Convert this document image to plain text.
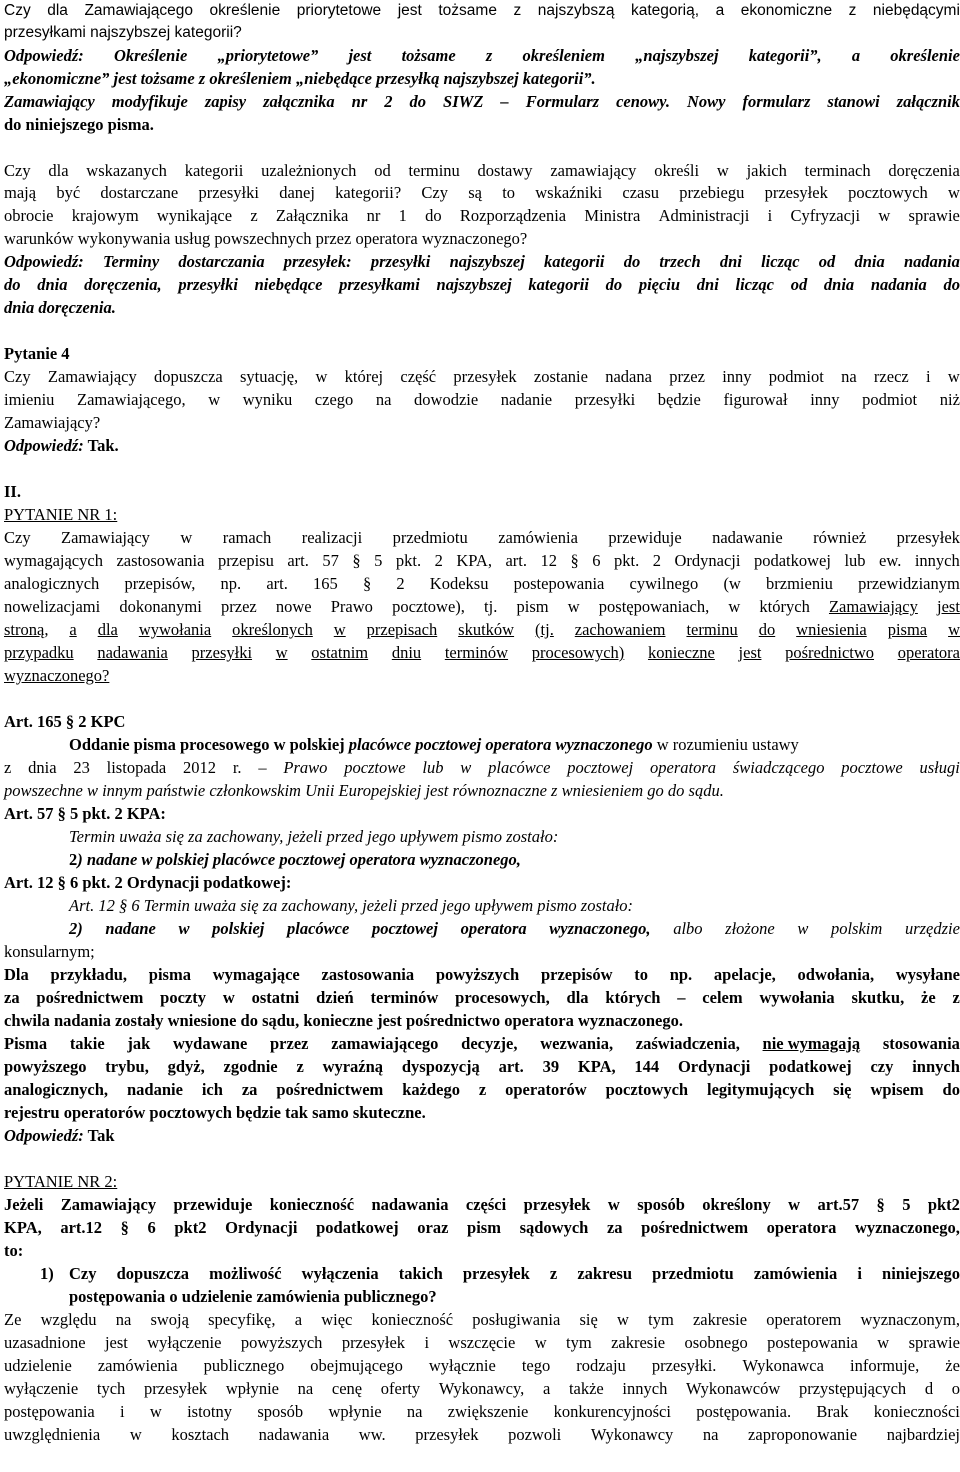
Czy dla Zamawiającego określenie priorytetowe jest tożsame z najszybszą kategorią, a ekonomiczne z niebędącymi
przesyłkami najszybszej kategorii?
Odpowiedź: Określenie „priorytetowe” jest tożsame z określeniem „najszybszej kategorii”, a określenie
„ekonomiczne” jest tożsame z określeniem „niebędące przesyłką najszybszej kategorii”.
Zamawiający modyfikuje zapisy załącznika nr 2 do SIWZ – Formularz cenowy. Nowy formularz stanowi załącznik
do niniejszego pisma.
Czy dla wskazanych kategorii uzależnionych od terminu dostawy zamawiający określi w jakich terminach doręczenia
mają być dostarczane przesyłki danej kategorii? Czy są to wskaźniki czasu przebiegu przesyłek pocztowych w
obrocie krajowym wynikające z Załącznika nr 1 do Rozporządzenia Ministra Administracji i Cyfryzacji w sprawie
warunków wykonywania usług powszechnych przez operatora wyznaczonego?
Odpowiedź: Terminy dostarczania przesyłek: przesyłki najszybszej kategorii do trzech dni licząc od dnia nadania
do dnia doręczenia, przesyłki niebędące przesyłkami najszybszej kategorii do pięciu dni licząc od dnia nadania do
dnia doręczenia.
Pytanie 4
Czy Zamawiający dopuszcza sytuację, w której część przesyłek zostanie nadana przez inny podmiot na rzecz i w
imieniu Zamawiającego, w wyniku czego na dowodzie nadanie przesyłki będzie figurował inny podmiot niż
Zamawiający?
Odpowiedź: Tak.
II.
PYTANIE NR 1:
Czy Zamawiający w ramach realizacji przedmiotu zamówienia przewiduje nadawanie również przesyłek
wymagających zastosowania przepisu art. 57 § 5 pkt. 2 KPA, art. 12 § 6 pkt. 2 Ordynacji podatkowej lub ew. innych
analogicznych przepisów, np. art. 165 § 2 Kodeksu postepowania cywilnego (w brzmieniu przewidzianym
nowelizacjami dokonanymi przez nowe Prawo pocztowe), tj. pism w postępowaniach, w których Zamawiający jest
stroną, a dla wywołania określonych w przepisach skutków (tj. zachowaniem terminu do wniesienia pisma w
przypadku nadawania przesyłki w ostatnim dniu terminów procesowych) konieczne jest pośrednictwo operatora
wyznaczonego?
Art. 165 § 2 KPC
Oddanie pisma procesowego w polskiej placówce pocztowej operatora wyznaczonego w rozumieniu ustawy
z dnia 23 listopada 2012 r. – Prawo pocztowe lub w placówce pocztowej operatora świadczącego pocztowe usługi
powszechne w innym państwie członkowskim Unii Europejskiej jest równoznaczne z wniesieniem go do sądu.
Art. 57 § 5 pkt. 2 KPA:
Termin uważa się za zachowany, jeżeli przed jego upływem pismo zostało:
2) nadane w polskiej placówce pocztowej operatora wyznaczonego,
Art. 12 § 6 pkt. 2 Ordynacji podatkowej:
Art. 12 § 6 Termin uważa się za zachowany, jeżeli przed jego upływem pismo zostało:
2) nadane w polskiej placówce pocztowej operatora wyznaczonego, albo złożone w polskim urzędzie
konsularnym;
Dla przykładu, pisma wymagające zastosowania powyższych przepisów to np. apelacje, odwołania, wysyłane
za pośrednictwem poczty w ostatni dzień terminów procesowych, dla których – celem wywołania skutku, że z
chwila nadania zostały wniesione do sądu, konieczne jest pośrednictwo operatora wyznaczonego.
Pisma takie jak wydawane przez zamawiającego decyzje, wezwania, zaświadczenia, nie wymagają stosowania
powyższego trybu, gdyż, zgodnie z wyraźną dyspozycją art. 39 KPA, 144 Ordynacji podatkowej czy innych
analogicznych, nadanie ich za pośrednictwem każdego z operatorów pocztowych legitymujących się wpisem do
rejestru operatorów pocztowych będzie tak samo skuteczne.
Odpowiedź: Tak
PYTANIE NR 2:
Jeżeli Zamawiający przewiduje konieczność nadawania części przesyłek w sposób określony w art.57 § 5 pkt2
KPA, art.12 § 6 pkt2 Ordynacji podatkowej oraz pism sądowych za pośrednictwem operatora wyznaczonego,
to:
1) Czy dopuszcza możliwość wyłączenia takich przesyłek z zakresu przedmiotu zamówienia i niniejszego
postępowania o udzielenie zamówienia publicznego?
Ze względu na swoją specyfikę, a więc konieczność posługiwania się w tym zakresie operatorem wyznaczonym,
uzasadnione jest wyłączenie powyższych przesyłek i wszczęcie w tym zakresie osobnego postepowania w sprawie
udzielenie zamówienia publicznego obejmującego wyłącznie tego rodzaju przesyłki. Wykonawca informuje, że
wyłączenie tych przesyłek wpłynie na cenę oferty Wykonawcy, a także innych Wykonawców przystępujących d o
postępowania i w istotny sposób wpłynie na zwiększenie konkurencyjności postępowania. Brak konieczności
uwzględnienia w kosztach nadawania ww. przesyłek pozwoli Wykonawcy na zaproponowanie najbardziej
